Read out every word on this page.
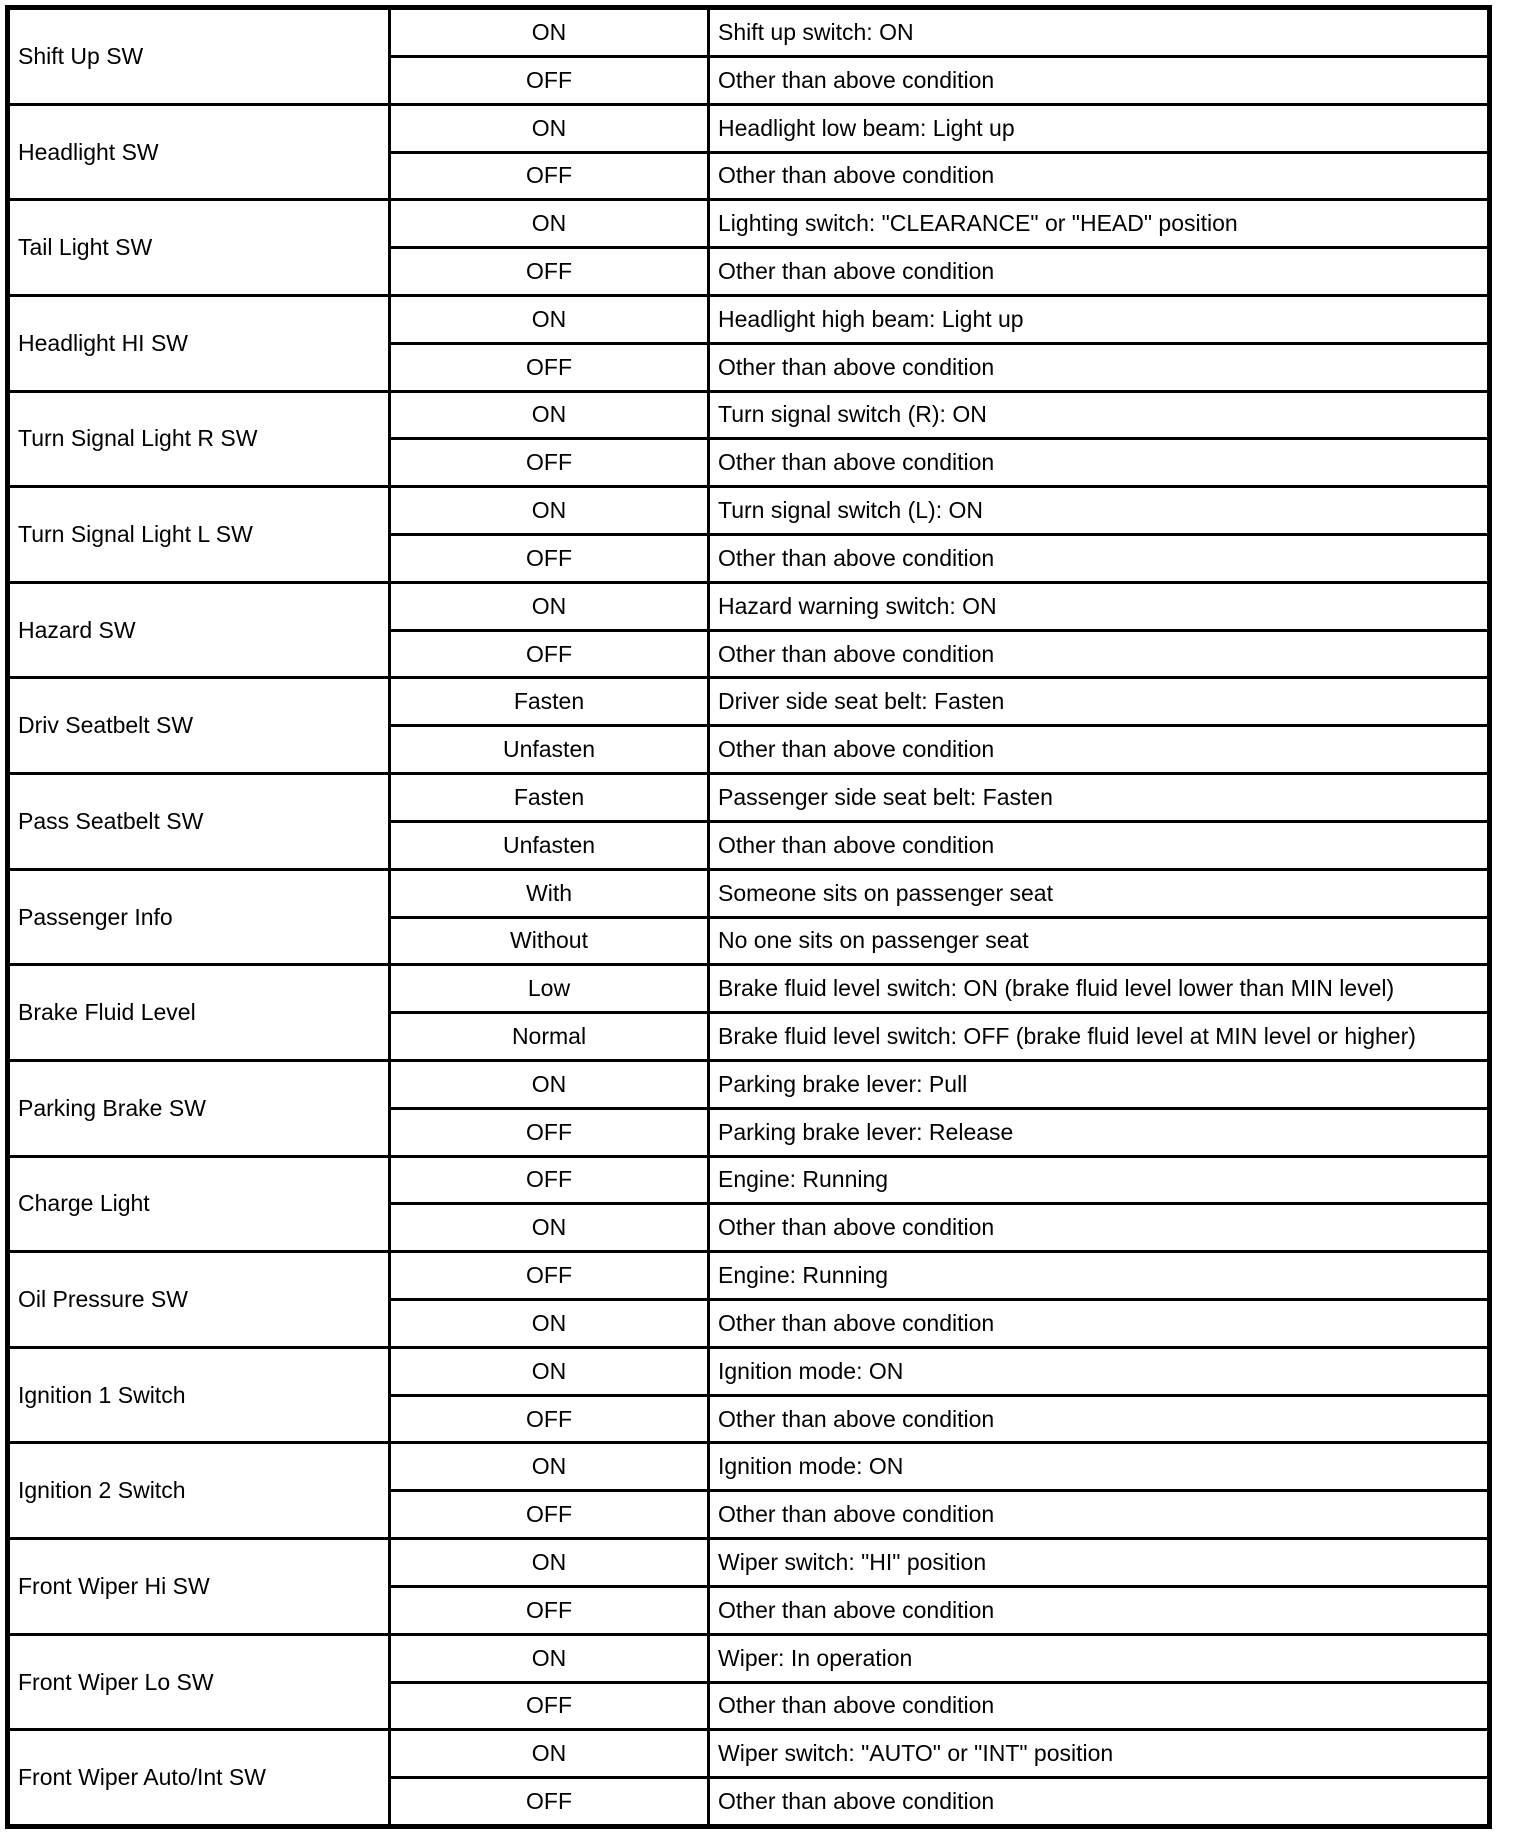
Shift Up SW	ON	Shift up switch: ON
	OFF	Other than above condition
Headlight SW	ON	Headlight low beam: Light up
	OFF	Other than above condition
Tail Light SW	ON	Lighting switch: "CLEARANCE" or "HEAD" position
	OFF	Other than above condition
Headlight HI SW	ON	Headlight high beam: Light up
	OFF	Other than above condition
Turn Signal Light R SW	ON	Turn signal switch (R): ON
	OFF	Other than above condition
Turn Signal Light L SW	ON	Turn signal switch (L): ON
	OFF	Other than above condition
Hazard SW	ON	Hazard warning switch: ON
	OFF	Other than above condition
Driv Seatbelt SW	Fasten	Driver side seat belt: Fasten
	Unfasten	Other than above condition
Pass Seatbelt SW	Fasten	Passenger side seat belt: Fasten
	Unfasten	Other than above condition
Passenger Info	With	Someone sits on passenger seat
	Without	No one sits on passenger seat
Brake Fluid Level	Low	Brake fluid level switch: ON (brake fluid level lower than MIN level)
	Normal	Brake fluid level switch: OFF (brake fluid level at MIN level or higher)
Parking Brake SW	ON	Parking brake lever: Pull
	OFF	Parking brake lever: Release
Charge Light	OFF	Engine: Running
	ON	Other than above condition
Oil Pressure SW	OFF	Engine: Running
	ON	Other than above condition
Ignition 1 Switch	ON	Ignition mode: ON
	OFF	Other than above condition
Ignition 2 Switch	ON	Ignition mode: ON
	OFF	Other than above condition
Front Wiper Hi SW	ON	Wiper switch: "HI" position
	OFF	Other than above condition
Front Wiper Lo SW	ON	Wiper: In operation
	OFF	Other than above condition
Front Wiper Auto/Int SW	ON	Wiper switch: "AUTO" or "INT" position
	OFF	Other than above condition
